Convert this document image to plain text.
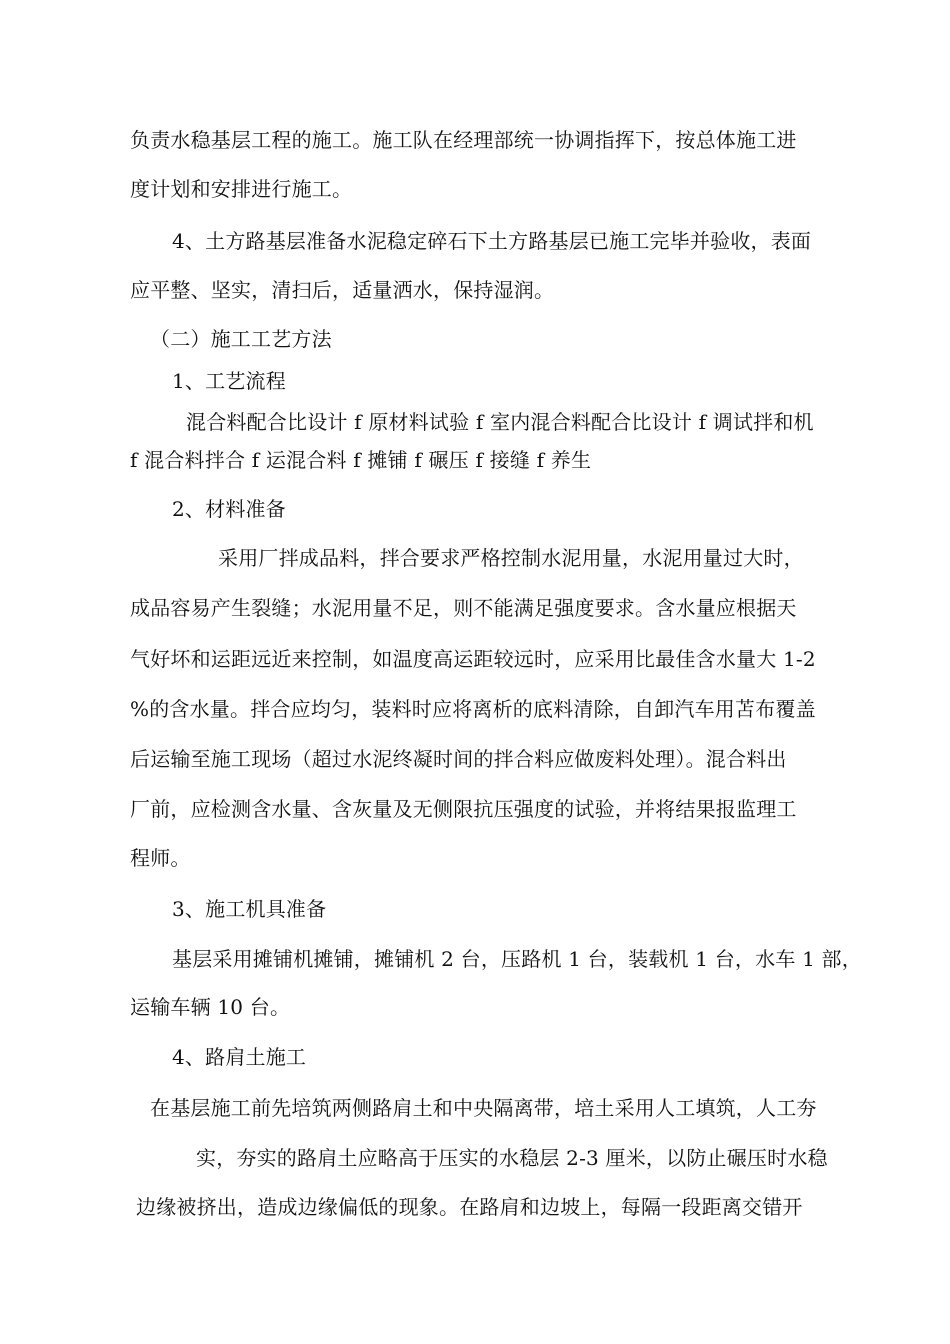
负责水稳基层工程的施工。施工队在经理部统一协调指挥下，按总体施工进
度计划和安排进行施工。
4、土方路基层准备水泥稳定碎石下土方路基层已施工完毕并验收，表面
应平整、坚实，清扫后，适量洒水，保持湿润。
（二）施工工艺方法
1、工艺流程
混合料配合比设计 f 原材料试验 f 室内混合料配合比设计 f 调试拌和机
f 混合料拌合 f 运混合料 f 摊铺 f 碾压 f 接缝 f 养生
2、材料准备
采用厂拌成品料，拌合要求严格控制水泥用量，水泥用量过大时，
成品容易产生裂缝；水泥用量不足，则不能满足强度要求。含水量应根据天
气好坏和运距远近来控制，如温度高运距较远时，应采用比最佳含水量大 1-2
%的含水量。拌合应均匀，装料时应将离析的底料清除，自卸汽车用苫布覆盖
后运输至施工现场（超过水泥终凝时间的拌合料应做废料处理）。混合料出
厂前，应检测含水量、含灰量及无侧限抗压强度的试验，并将结果报监理工
程师。
3、施工机具准备
基层采用摊铺机摊铺，摊铺机 2 台，压路机 1 台，装载机 1 台，水车 1 部，
运输车辆 10 台。
4、路肩土施工
在基层施工前先培筑两侧路肩土和中央隔离带，培土采用人工填筑，人工夯
实，夯实的路肩土应略高于压实的水稳层 2-3 厘米，以防止碾压时水稳
边缘被挤出，造成边缘偏低的现象。在路肩和边坡上，每隔一段距离交错开
